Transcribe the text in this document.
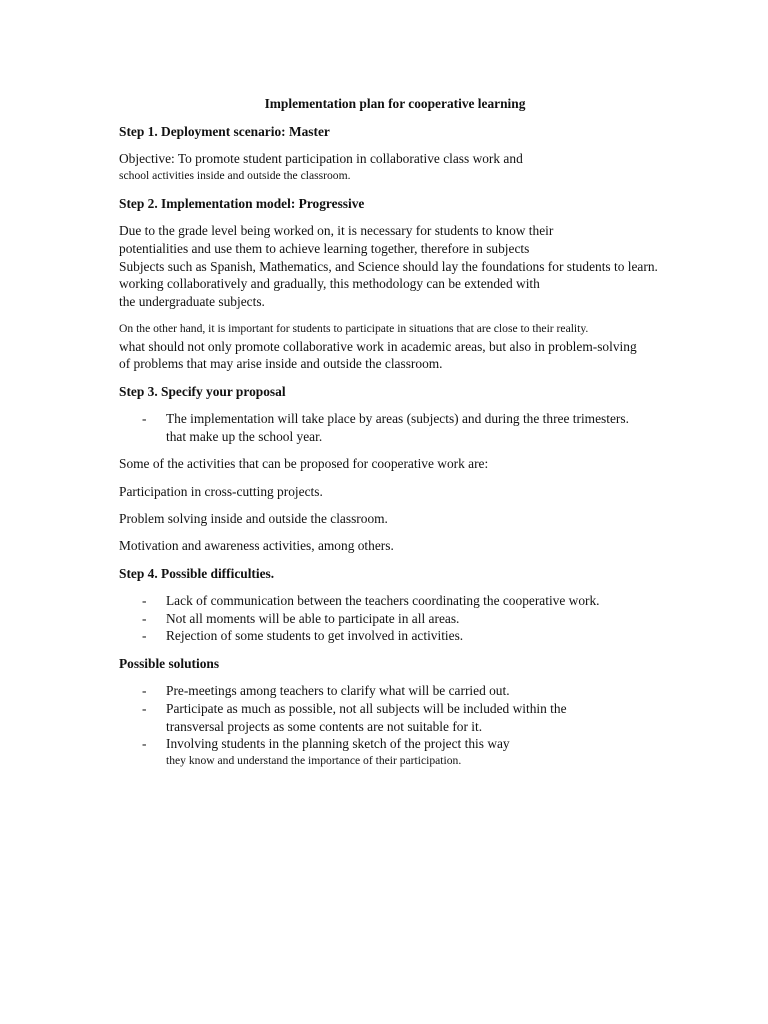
Implementation plan for cooperative learning
Step 1. Deployment scenario: Master
Objective: To promote student participation in collaborative class work and
school activities inside and outside the classroom.
Step 2. Implementation model: Progressive
Due to the grade level being worked on, it is necessary for students to know their
potentialities and use them to achieve learning together, therefore in subjects
Subjects such as Spanish, Mathematics, and Science should lay the foundations for students to learn.
working collaboratively and gradually, this methodology can be extended with
the undergraduate subjects.
On the other hand, it is important for students to participate in situations that are close to their reality.
what should not only promote collaborative work in academic areas, but also in problem-solving
of problems that may arise inside and outside the classroom.
Step 3. Specify your proposal
- The implementation will take place by areas (subjects) and during the three trimesters.
that make up the school year.
Some of the activities that can be proposed for cooperative work are:
Participation in cross-cutting projects.
Problem solving inside and outside the classroom.
Motivation and awareness activities, among others.
Step 4. Possible difficulties.
- Lack of communication between the teachers coordinating the cooperative work.
- Not all moments will be able to participate in all areas.
- Rejection of some students to get involved in activities.
Possible solutions
- Pre-meetings among teachers to clarify what will be carried out.
- Participate as much as possible, not all subjects will be included within the
transversal projects as some contents are not suitable for it.
- Involving students in the planning sketch of the project this way
they know and understand the importance of their participation.
